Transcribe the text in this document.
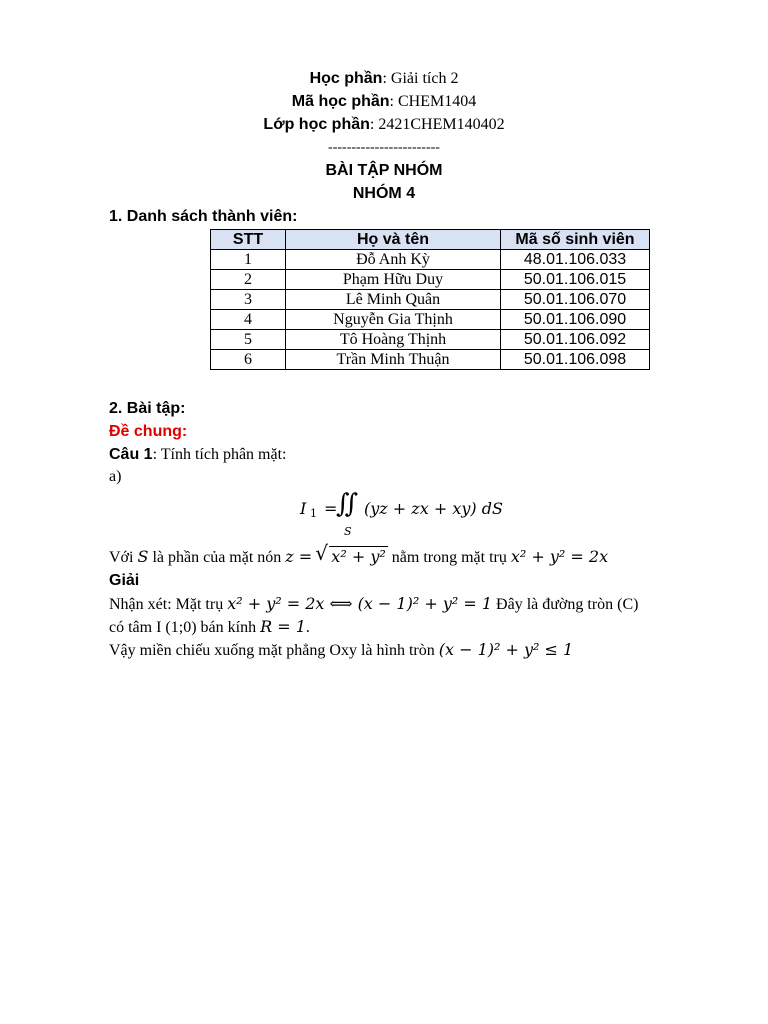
Học phần: Giải tích 2
Mã học phần: CHEM1404
Lớp học phần: 2421CHEM140402
------------------------
BÀI TẬP NHÓM
NHÓM 4
1. Danh sách thành viên:
STT	Họ và tên	Mã số sinh viên
1	Đỗ Anh Kỳ	48.01.106.033
2	Phạm Hữu Duy	50.01.106.015
3	Lê Minh Quân	50.01.106.070
4	Nguyễn Gia Thịnh	50.01.106.090
5	Tô Hoàng Thịnh	50.01.106.092
6	Trần Minh Thuận	50.01.106.098
2. Bài tập:
Đề chung:
Câu 1: Tính tích phân mặt:
a)
I 1 =
∬
S
(yz + zx + xy) dS
Với S là phần của mặt nón z = √ x² + y² nằm trong mặt trụ x² + y² = 2x
Giải
Nhận xét: Mặt trụ x² + y² = 2x ⟺ (x − 1)² + y² = 1 Đây là đường tròn (C)
có tâm I (1;0) bán kính R = 1.
Vậy miền chiếu xuống mặt phẳng Oxy là hình tròn (x − 1)² + y² ≤ 1
